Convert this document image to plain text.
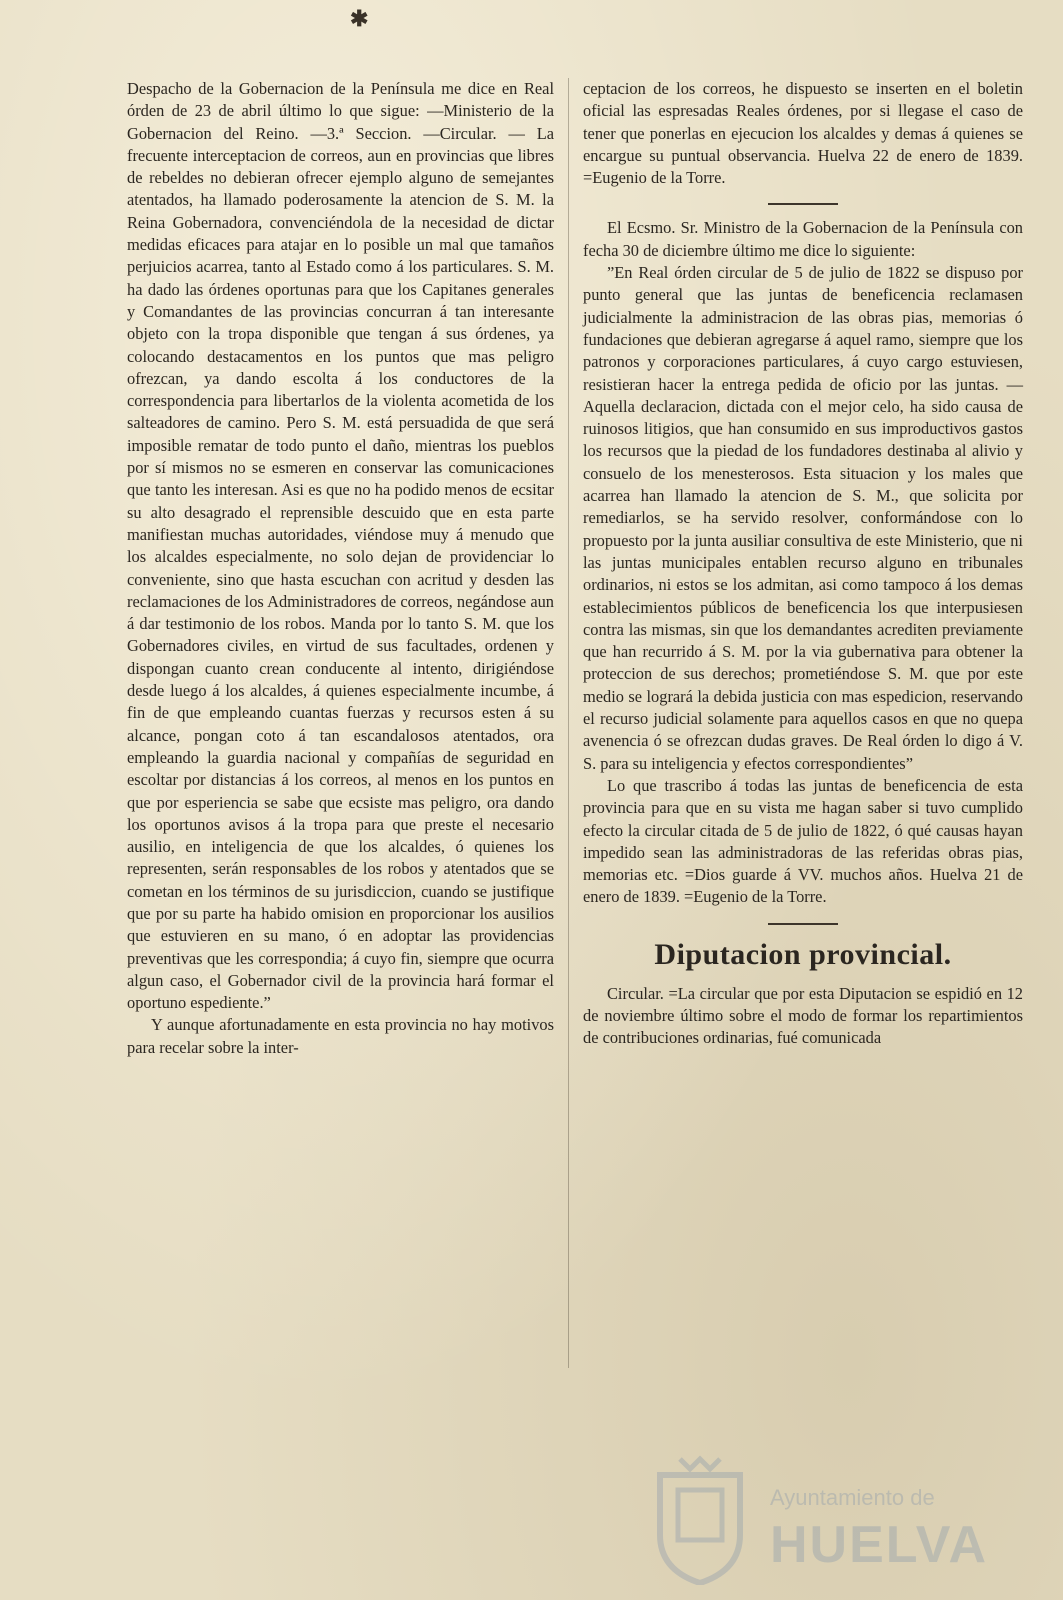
✱

Despacho de la Gobernacion de la Península me dice en Real órden de 23 de abril último lo que sigue: —Ministerio de la Gobernacion del Reino. —3.ª Seccion. —Circular. — La frecuente interceptacion de correos, aun en provincias que libres de rebeldes no debieran ofrecer ejemplo alguno de semejantes atentados, ha llamado poderosamente la atencion de S. M. la Reina Gobernadora, convenciéndola de la necesidad de dictar medidas eficaces para atajar en lo posible un mal que tamaños perjuicios acarrea, tanto al Estado como á los particulares. S. M. ha dado las órdenes oportunas para que los Capitanes generales y Comandantes de las provincias concurran á tan interesante objeto con la tropa disponible que tengan á sus órdenes, ya colocando destacamentos en los puntos que mas peligro ofrezcan, ya dando escolta á los conductores de la correspondencia para libertarlos de la violenta acometida de los salteadores de camino. Pero S. M. está persuadida de que será imposible rematar de todo punto el daño, mientras los pueblos por sí mismos no se esmeren en conservar las comunicaciones que tanto les interesan. Asi es que no ha podido menos de ecsitar su alto desagrado el reprensible descuido que en esta parte manifiestan muchas autoridades, viéndose muy á menudo que los alcaldes especialmente, no solo dejan de providenciar lo conveniente, sino que hasta escuchan con acritud y desden las reclamaciones de los Administradores de correos, negándose aun á dar testimonio de los robos. Manda por lo tanto S. M. que los Gobernadores civiles, en virtud de sus facultades, ordenen y dispongan cuanto crean conducente al intento, dirigiéndose desde luego á los alcaldes, á quienes especialmente incumbe, á fin de que empleando cuantas fuerzas y recursos esten á su alcance, pongan coto á tan escandalosos atentados, ora empleando la guardia nacional y compañías de seguridad en escoltar por distancias á los correos, al menos en los puntos en que por esperiencia se sabe que ecsiste mas peligro, ora dando los oportunos avisos á la tropa para que preste el necesario ausilio, en inteligencia de que los alcaldes, ó quienes los representen, serán responsables de los robos y atentados que se cometan en los términos de su jurisdiccion, cuando se justifique que por su parte ha habido omision en proporcionar los ausilios que estuvieren en su mano, ó en adoptar las providencias preventivas que les correspondia; á cuyo fin, siempre que ocurra algun caso, el Gobernador civil de la provincia hará formar el oportuno espediente.”

Y aunque afortunadamente en esta provincia no hay motivos para recelar sobre la inter-

ceptacion de los correos, he dispuesto se inserten en el boletin oficial las espresadas Reales órdenes, por si llegase el caso de tener que ponerlas en ejecucion los alcaldes y demas á quienes se encargue su puntual observancia. Huelva 22 de enero de 1839. =Eugenio de la Torre.

El Ecsmo. Sr. Ministro de la Gobernacion de la Península con fecha 30 de diciembre último me dice lo siguiente:

”En Real órden circular de 5 de julio de 1822 se dispuso por punto general que las juntas de beneficencia reclamasen judicialmente la administracion de las obras pias, memorias ó fundaciones que debieran agregarse á aquel ramo, siempre que los patronos y corporaciones particulares, á cuyo cargo estuviesen, resistieran hacer la entrega pedida de oficio por las juntas. —Aquella declaracion, dictada con el mejor celo, ha sido causa de ruinosos litigios, que han consumido en sus improductivos gastos los recursos que la piedad de los fundadores destinaba al alivio y consuelo de los menesterosos. Esta situacion y los males que acarrea han llamado la atencion de S. M., que solicita por remediarlos, se ha servido resolver, conformándose con lo propuesto por la junta ausiliar consultiva de este Ministerio, que ni las juntas municipales entablen recurso alguno en tribunales ordinarios, ni estos se los admitan, asi como tampoco á los demas establecimientos públicos de beneficencia los que interpusiesen contra las mismas, sin que los demandantes acrediten previamente que han recurrido á S. M. por la via gubernativa para obtener la proteccion de sus derechos; prometiéndose S. M. que por este medio se logrará la debida justicia con mas espedicion, reservando el recurso judicial solamente para aquellos casos en que no quepa avenencia ó se ofrezcan dudas graves. De Real órden lo digo á V. S. para su inteligencia y efectos correspondientes”

Lo que trascribo á todas las juntas de beneficencia de esta provincia para que en su vista me hagan saber si tuvo cumplido efecto la circular citada de 5 de julio de 1822, ó qué causas hayan impedido sean las administradoras de las referidas obras pias, memorias etc. =Dios guarde á VV. muchos años. Huelva 21 de enero de 1839. =Eugenio de la Torre.

Diputacion provincial.

Circular. =La circular que por esta Diputacion se espidió en 12 de noviembre último sobre el modo de formar los repartimientos de contribuciones ordinarias, fué comunicada

Ayuntamiento de
HUELVA
